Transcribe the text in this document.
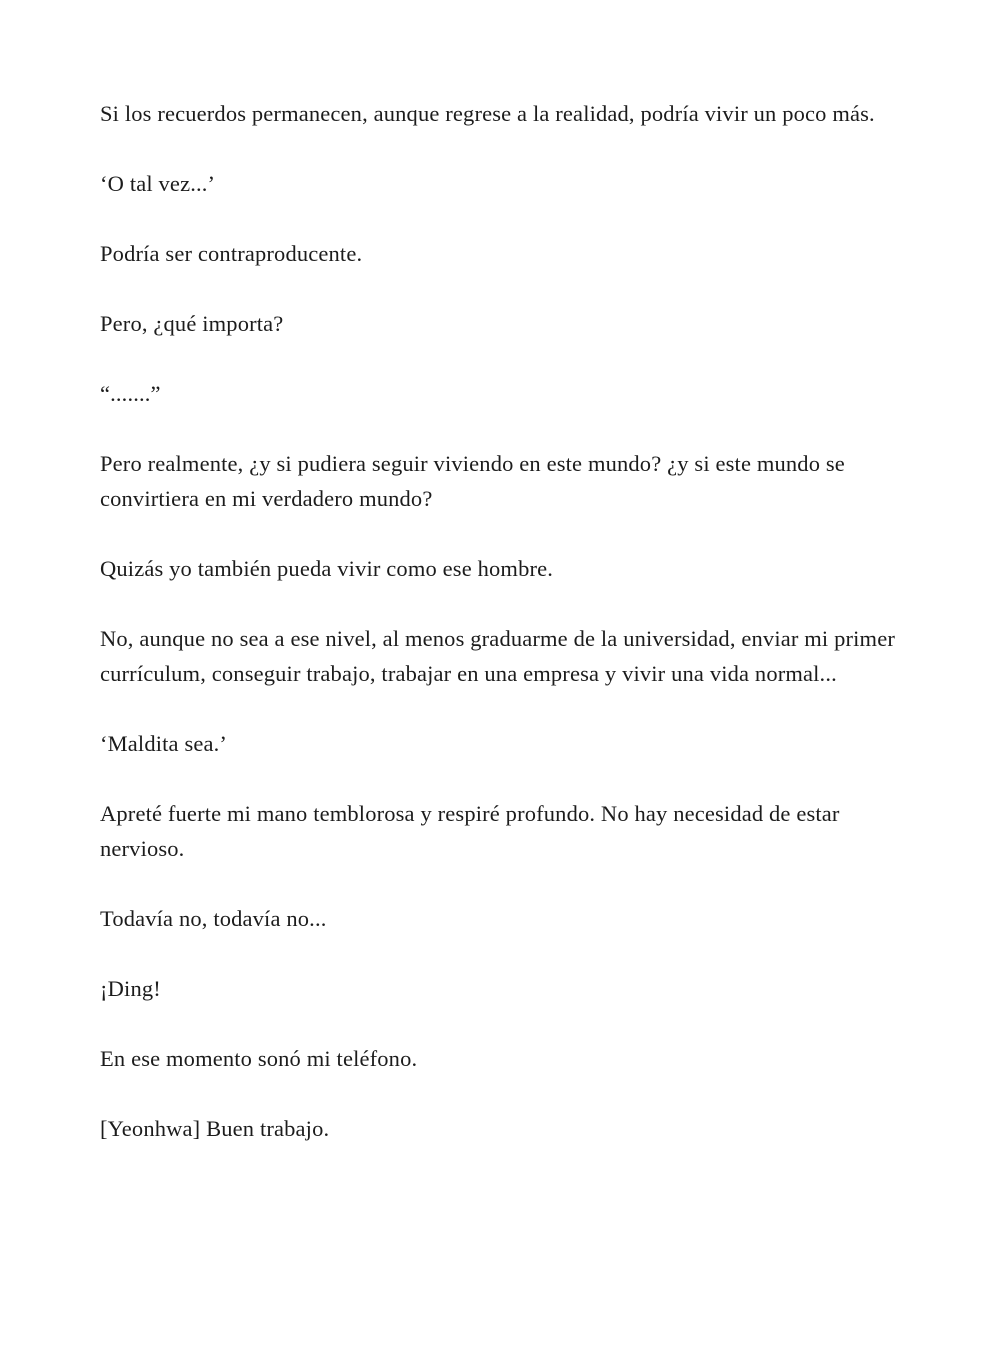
Si los recuerdos permanecen, aunque regrese a la realidad, podría vivir un poco más.

‘O tal vez...’

Podría ser contraproducente.

Pero, ¿qué importa?

“.......”

Pero realmente, ¿y si pudiera seguir viviendo en este mundo? ¿y si este mundo se convirtiera en mi verdadero mundo?

Quizás yo también pueda vivir como ese hombre.

No, aunque no sea a ese nivel, al menos graduarme de la universidad, enviar mi primer currículum, conseguir trabajo, trabajar en una empresa y vivir una vida normal...

‘Maldita sea.’

Apreté fuerte mi mano temblorosa y respiré profundo. No hay necesidad de estar nervioso.

Todavía no, todavía no...

¡Ding!

En ese momento sonó mi teléfono.

[Yeonhwa] Buen trabajo.
